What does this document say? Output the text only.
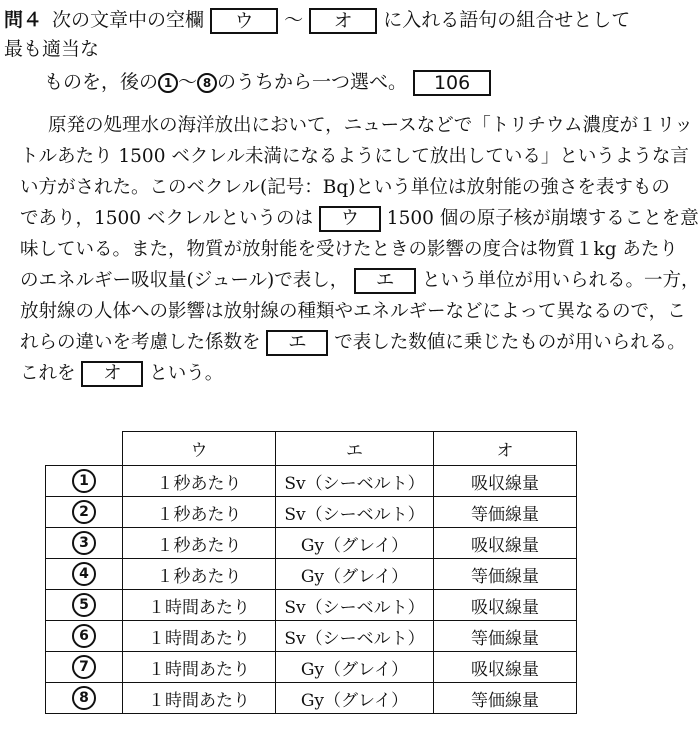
問４ 次の文章中の空欄 ウ 〜 オ に入れる語句の組合せとして最も適当な
ものを，後の 1 〜 8 のうちから一つ選べ。 106
原発の処理水の海洋放出において，ニュースなどで「トリチウム濃度が１リッ
トルあたり 1500 ベクレル未満になるようにして放出している」というような言
い方がされた。このベクレル(記号：Bq)という単位は放射能の強さを表すもの
であり，1500 ベクレルというのは ウ 1500 個の原子核が崩壊することを意
味している。また，物質が放射能を受けたときの影響の度合は物質１kg あたり
のエネルギー吸収量(ジュール)で表し， エ という単位が用いられる。一方，
放射線の人体への影響は放射線の種類やエネルギーなどによって異なるので，こ
れらの違いを考慮した係数を エ で表した数値に乗じたものが用いられる。
これを オ という。
	ウ	エ	オ
1	１秒あたり	Sv（シーベルト）	吸収線量
2	１秒あたり	Sv（シーベルト）	等価線量
3	１秒あたり	Gy（グレイ）	吸収線量
4	１秒あたり	Gy（グレイ）	等価線量
5	１時間あたり	Sv（シーベルト）	吸収線量
6	１時間あたり	Sv（シーベルト）	等価線量
7	１時間あたり	Gy（グレイ）	吸収線量
8	１時間あたり	Gy（グレイ）	等価線量
